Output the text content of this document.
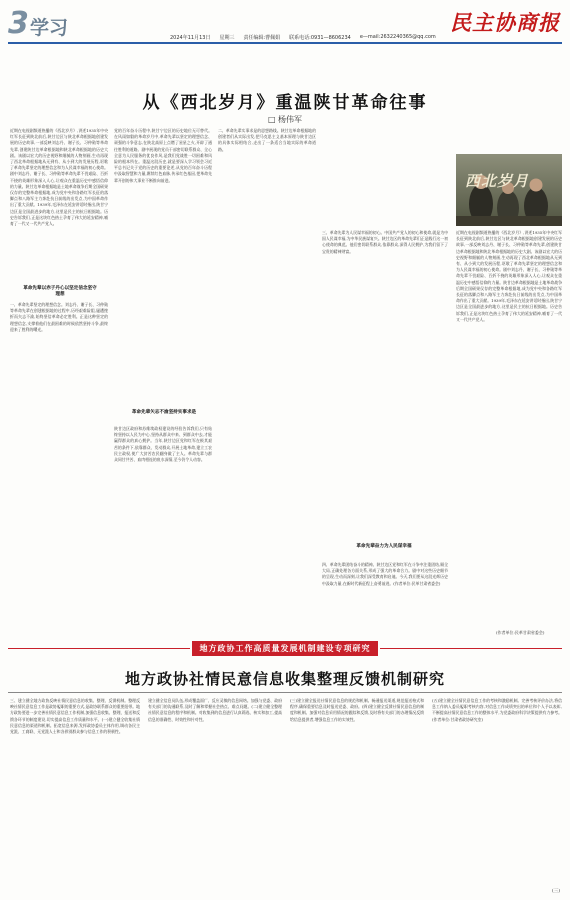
3 学习	2024年11月13日 星期三 责任编辑:曹佩娟 联系电话:0931—8606234 e—mail:2632240365@qq.com
民主协商报
从《西北岁月》重温陕甘革命往事
□ 杨伟军
近期在电视剧频道热播的《西北岁月》,讲述1935年中央红军长征到陕北前后,陕甘边区与陕北革命根据地创建发展的历史故事,一部反映刘志丹、谢子长、习仲勋等革命先辈,创建陕甘边革命根据地和陕北革命根据地的历史大剧。该剧以宏大的历史视野和细腻的人物刻画,生动再现了西北革命根据地从无到有、从小到大的发展历程,讴歌了革命先辈坚定的理想信念和为人民谋幸福的初心使命。剧中刘志丹、谢子长、习仲勋等革命先辈不畏艰险、百折不挠的英雄形象深入人心,让观众在重温历史中感悟信仰的力量。陕甘边革命根据地是土地革命战争后期全国硕果仅存的完整革命根据地,成为党中央和各路红军长征的落脚点和八路军主力奔赴抗日前线的出发点,为中国革命作出了重大贡献。1939年,毛泽东在延安讲话时指出,陕甘宁边区是全国最进步的地方,这里是民主的抗日根据地。历史告诉我们,正是这块红色热土孕育了伟大的延安精神,哺育了一代又一代共产党人。
革命先辈以赤子丹心以坚定信念坚守理想
一、革命先辈坚定的理想信念。刘志丹、谢子长、习仲勋等革命先辈在创建根据地的过程中,历经艰难险阻,屡遭挫折而矢志不渝,始终坚信革命必定胜利。正是这种坚定的理想信念,支撑着他们在最困难的时候依然坚持斗争,最终迎来了胜利的曙光。
党的百年奋斗历程中,陕甘宁边区的历史地位无可替代。在风雨如磐的革命岁月中,革命先辈以坚定的理想信念、顽强的斗争意志,在陕北高原上点燃了星星之火,开辟了通往胜利的道路。剧中展现的党员干部密切联系群众、全心全意为人民服务的优良作风,是我们党战胜一切困难和风险的根本所在。重温这段历史,就是要深入学习领会习近平总书记关于党的历史的重要论述,从党的百年奋斗历程中汲取智慧和力量,赓续红色血脉,传承红色基因,把革命先辈开创的伟大事业不断推向前进。
革命先辈矢志不渝坚持实事求是
陕甘边区政府和苏维埃政权建设的经验告诉我们,只有始终坚持以人民为中心,坚持从群众中来、到群众中去,才能赢得群众的真心拥护。当年,陕甘边区党和红军在极其艰苦的条件下,依靠群众、发动群众,开展土地革命,建立工农民主政权,使广大贫苦农民翻身做了主人。革命先辈与群众同甘共苦、血肉相连的鱼水深情,至今仍令人动容。
二、革命先辈实事求是的思想路线。陕甘边革命根据地的创建者们从实际出发,把马克思主义基本原理与陕甘边区的具体实际相结合,走出了一条适合当地实际的革命道路。
三、革命先辈为人民谋幸福的初心。中国共产党人的初心和使命,就是为中国人民谋幸福,为中华民族谋复兴。陕甘边区的革命先辈们正是践行这一初心使命的典范。他们密切联系群众,依靠群众,深得人民拥护,为我们留下了宝贵的精神财富。
革命先辈奋力为人民谋幸福
四、革命先辈团结奋斗的精神。陕甘边区党和红军在斗争中注重团结,顾全大局,正确处理各方面关系,形成了强大的革命合力。剧中对这些历史细节的呈现,生动而深刻,让我们深受教育和启迪。今天,我们要从这段光辉历史中汲取力量,在新时代新征程上奋勇前进。(作者单位:民革甘肃省委会)
西北岁月
近期在电视剧频道热播的《西北岁月》,讲述1935年中央红军长征到陕北前后,陕甘边区与陕北革命根据地创建发展的历史故事,一部反映刘志丹、谢子长、习仲勋等革命先辈,创建陕甘边革命根据地和陕北革命根据地的历史大剧。该剧以宏大的历史视野和细腻的人物刻画,生动再现了西北革命根据地从无到有、从小到大的发展历程,讴歌了革命先辈坚定的理想信念和为人民谋幸福的初心使命。剧中刘志丹、谢子长、习仲勋等革命先辈不畏艰险、百折不挠的英雄形象深入人心,让观众在重温历史中感悟信仰的力量。陕甘边革命根据地是土地革命战争后期全国硕果仅存的完整革命根据地,成为党中央和各路红军长征的落脚点和八路军主力奔赴抗日前线的出发点,为中国革命作出了重大贡献。1939年,毛泽东在延安讲话时指出,陕甘宁边区是全国最进步的地方,这里是民主的抗日根据地。历史告诉我们,正是这块红色热土孕育了伟大的延安精神,哺育了一代又一代共产党人。
(作者单位:民革甘肃省委会)
地方政协工作高质量发展机制建设专项研究
地方政协社情民意信息收集整理反馈机制研究
三、建立健全地方政协反映社情民意信息的收集、整理、反馈机制。整理反映社情民意信息工作是政协履职的重要方式,是政协联系群众的重要纽带。地方政协要进一步完善社情民意信息工作机制,加强信息收集、整理、报送和反馈各环节的制度建设,切实提高信息工作质量和水平。(一)建立健全收集社情民意信息的渠道和机制。拓宽信息来源,发挥政协委员主体作用,调动各民主党派、工商联、无党派人士和各界别群众参与信息工作的积极性。
建立健全信息员队伍,形成覆盖面广、反应灵敏的信息网络。加强与党委、政府有关部门的沟通联系,及时了解和掌握社会热点、难点问题。(二)建立健全整理社情民意信息的程序和机制。对收集到的信息进行认真筛选、核实和加工,提高信息的准确性、时效性和针对性。
(三)建立健全报送社情民意信息的规范和机制。畅通报送渠道,规范报送格式和程序,确保重要信息及时报送党委、政府。(四)建立健全反馈社情民意信息的制度和机制。加强对信息采用情况的跟踪和反馈,及时将有关部门的办理情况反馈给信息提供者,增强信息工作的实效性。
(五)建立健全社情民意信息工作的考核和激励机制。完善考核评价办法,将信息工作纳入委员履职考核内容,对信息工作成绩突出的单位和个人予以表彰,不断提高社情民意信息工作的整体水平,为党委政府科学决策提供有力参考。(作者单位:甘肃省政协研究室)
(三)
